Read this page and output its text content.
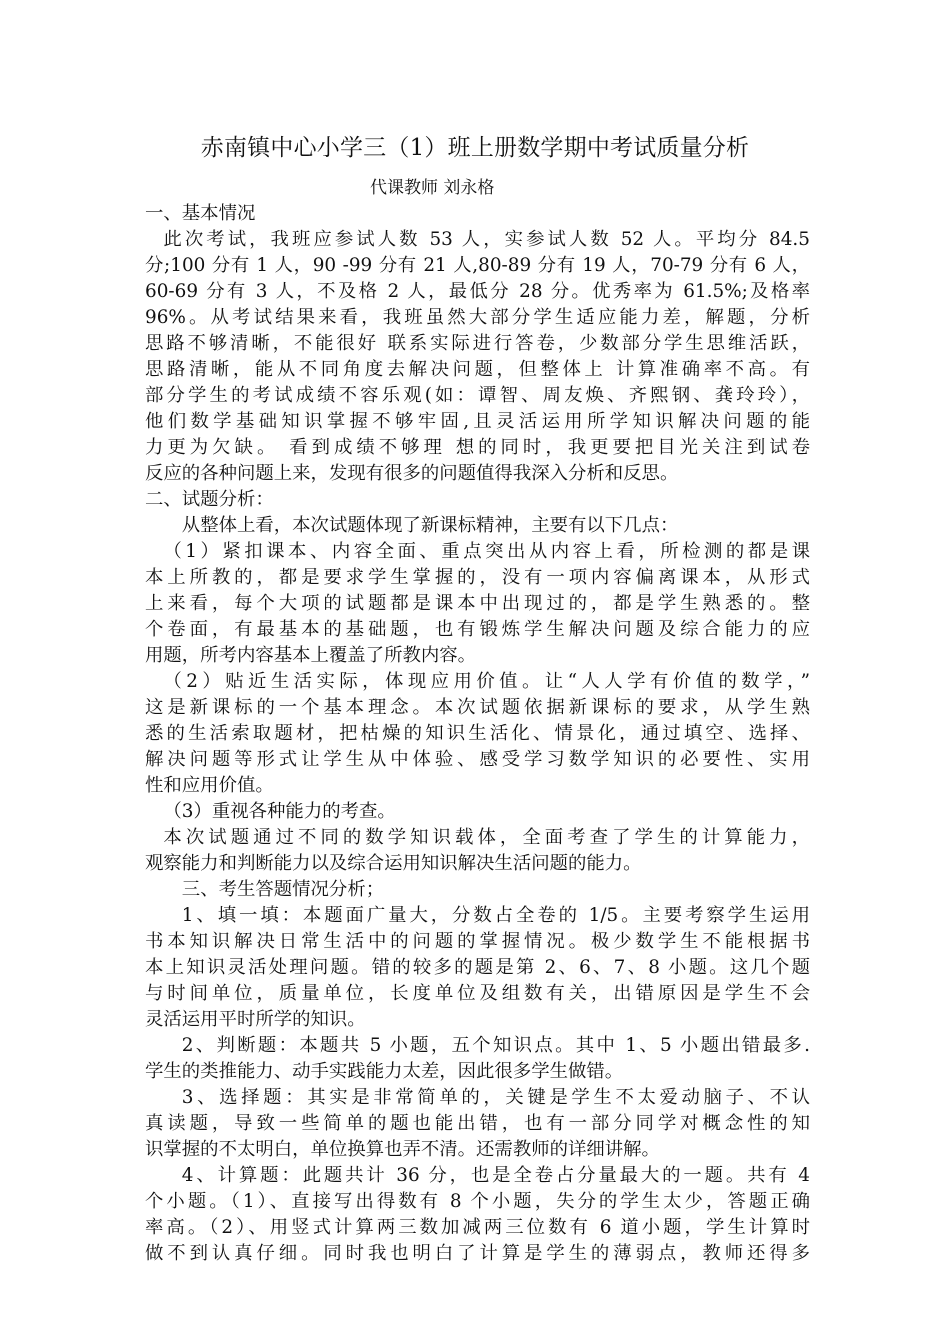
赤南镇中心小学三（1）班上册数学期中考试质量分析
代课教师 刘永格
一、基本情况
此次考试，我班应参试人数 53 人，实参试人数 52 人。平均分 84.5
分;100 分有 1 人，90 -99 分有 21 人,80-89 分有 19 人，70-79 分有 6 人，
60-69 分有 3 人，不及格 2 人，最低分 28 分。优秀率为 61.5%;及格率
96%。从考试结果来看，我班虽然大部分学生适应能力差，解题，分析
思路不够清晰，不能很好 联系实际进行答卷，少数部分学生思维活跃，
思路清晰，能从不同角度去解决问题，但整体上 计算准确率不高。有
部分学生的考试成绩不容乐观(如：谭智、周友焕、齐熙钢、龚玲玲），
他们数学基础知识掌握不够牢固,且灵活运用所学知识解决问题的能
力更为欠缺。 看到成绩不够理 想的同时，我更要把目光关注到试卷
反应的各种问题上来，发现有很多的问题值得我深入分析和反思。
二、试题分析：
从整体上看，本次试题体现了新课标精神，主要有以下几点：
（1）紧扣课本、内容全面、重点突出从内容上看，所检测的都是课
本上所教的，都是要求学生掌握的，没有一项内容偏离课本，从形式
上来看，每个大项的试题都是课本中出现过的，都是学生熟悉的。整
个卷面，有最基本的基础题，也有锻炼学生解决问题及综合能力的应
用题，所考内容基本上覆盖了所教内容。
（2）贴近生活实际，体现应用价值。让“人人学有价值的数学，”
这是新课标的一个基本理念。本次试题依据新课标的要求，从学生熟
悉的生活索取题材，把枯燥的知识生活化、情景化，通过填空、选择、
解决问题等形式让学生从中体验、感受学习数学知识的必要性、实用
性和应用价值。
（3）重视各种能力的考查。
本次试题通过不同的数学知识载体，全面考查了学生的计算能力，
观察能力和判断能力以及综合运用知识解决生活问题的能力。
三、考生答题情况分析；
1、填一填：本题面广量大，分数占全卷的 1/5。主要考察学生运用
书本知识解决日常生活中的问题的掌握情况。极少数学生不能根据书
本上知识灵活处理问题。错的较多的题是第 2、6、7、8 小题。这几个题
与时间单位，质量单位，长度单位及组数有关，出错原因是学生不会
灵活运用平时所学的知识。
2、判断题：本题共 5 小题，五个知识点。其中 1、5 小题出错最多.
学生的类推能力、动手实践能力太差，因此很多学生做错。
3、选择题：其实是非常简单的，关键是学生不太爱动脑子、不认
真读题，导致一些简单的题也能出错，也有一部分同学对概念性的知
识掌握的不太明白，单位换算也弄不清。还需教师的详细讲解。
4、计算题：此题共计 36 分，也是全卷占分量最大的一题。共有 4
个小题。（1）、直接写出得数有 8 个小题，失分的学生太少，答题正确
率高。（2）、用竖式计算两三数加减两三位数有 6 道小题，学生计算时
做不到认真仔细。同时我也明白了计算是学生的薄弱点，教师还得多
